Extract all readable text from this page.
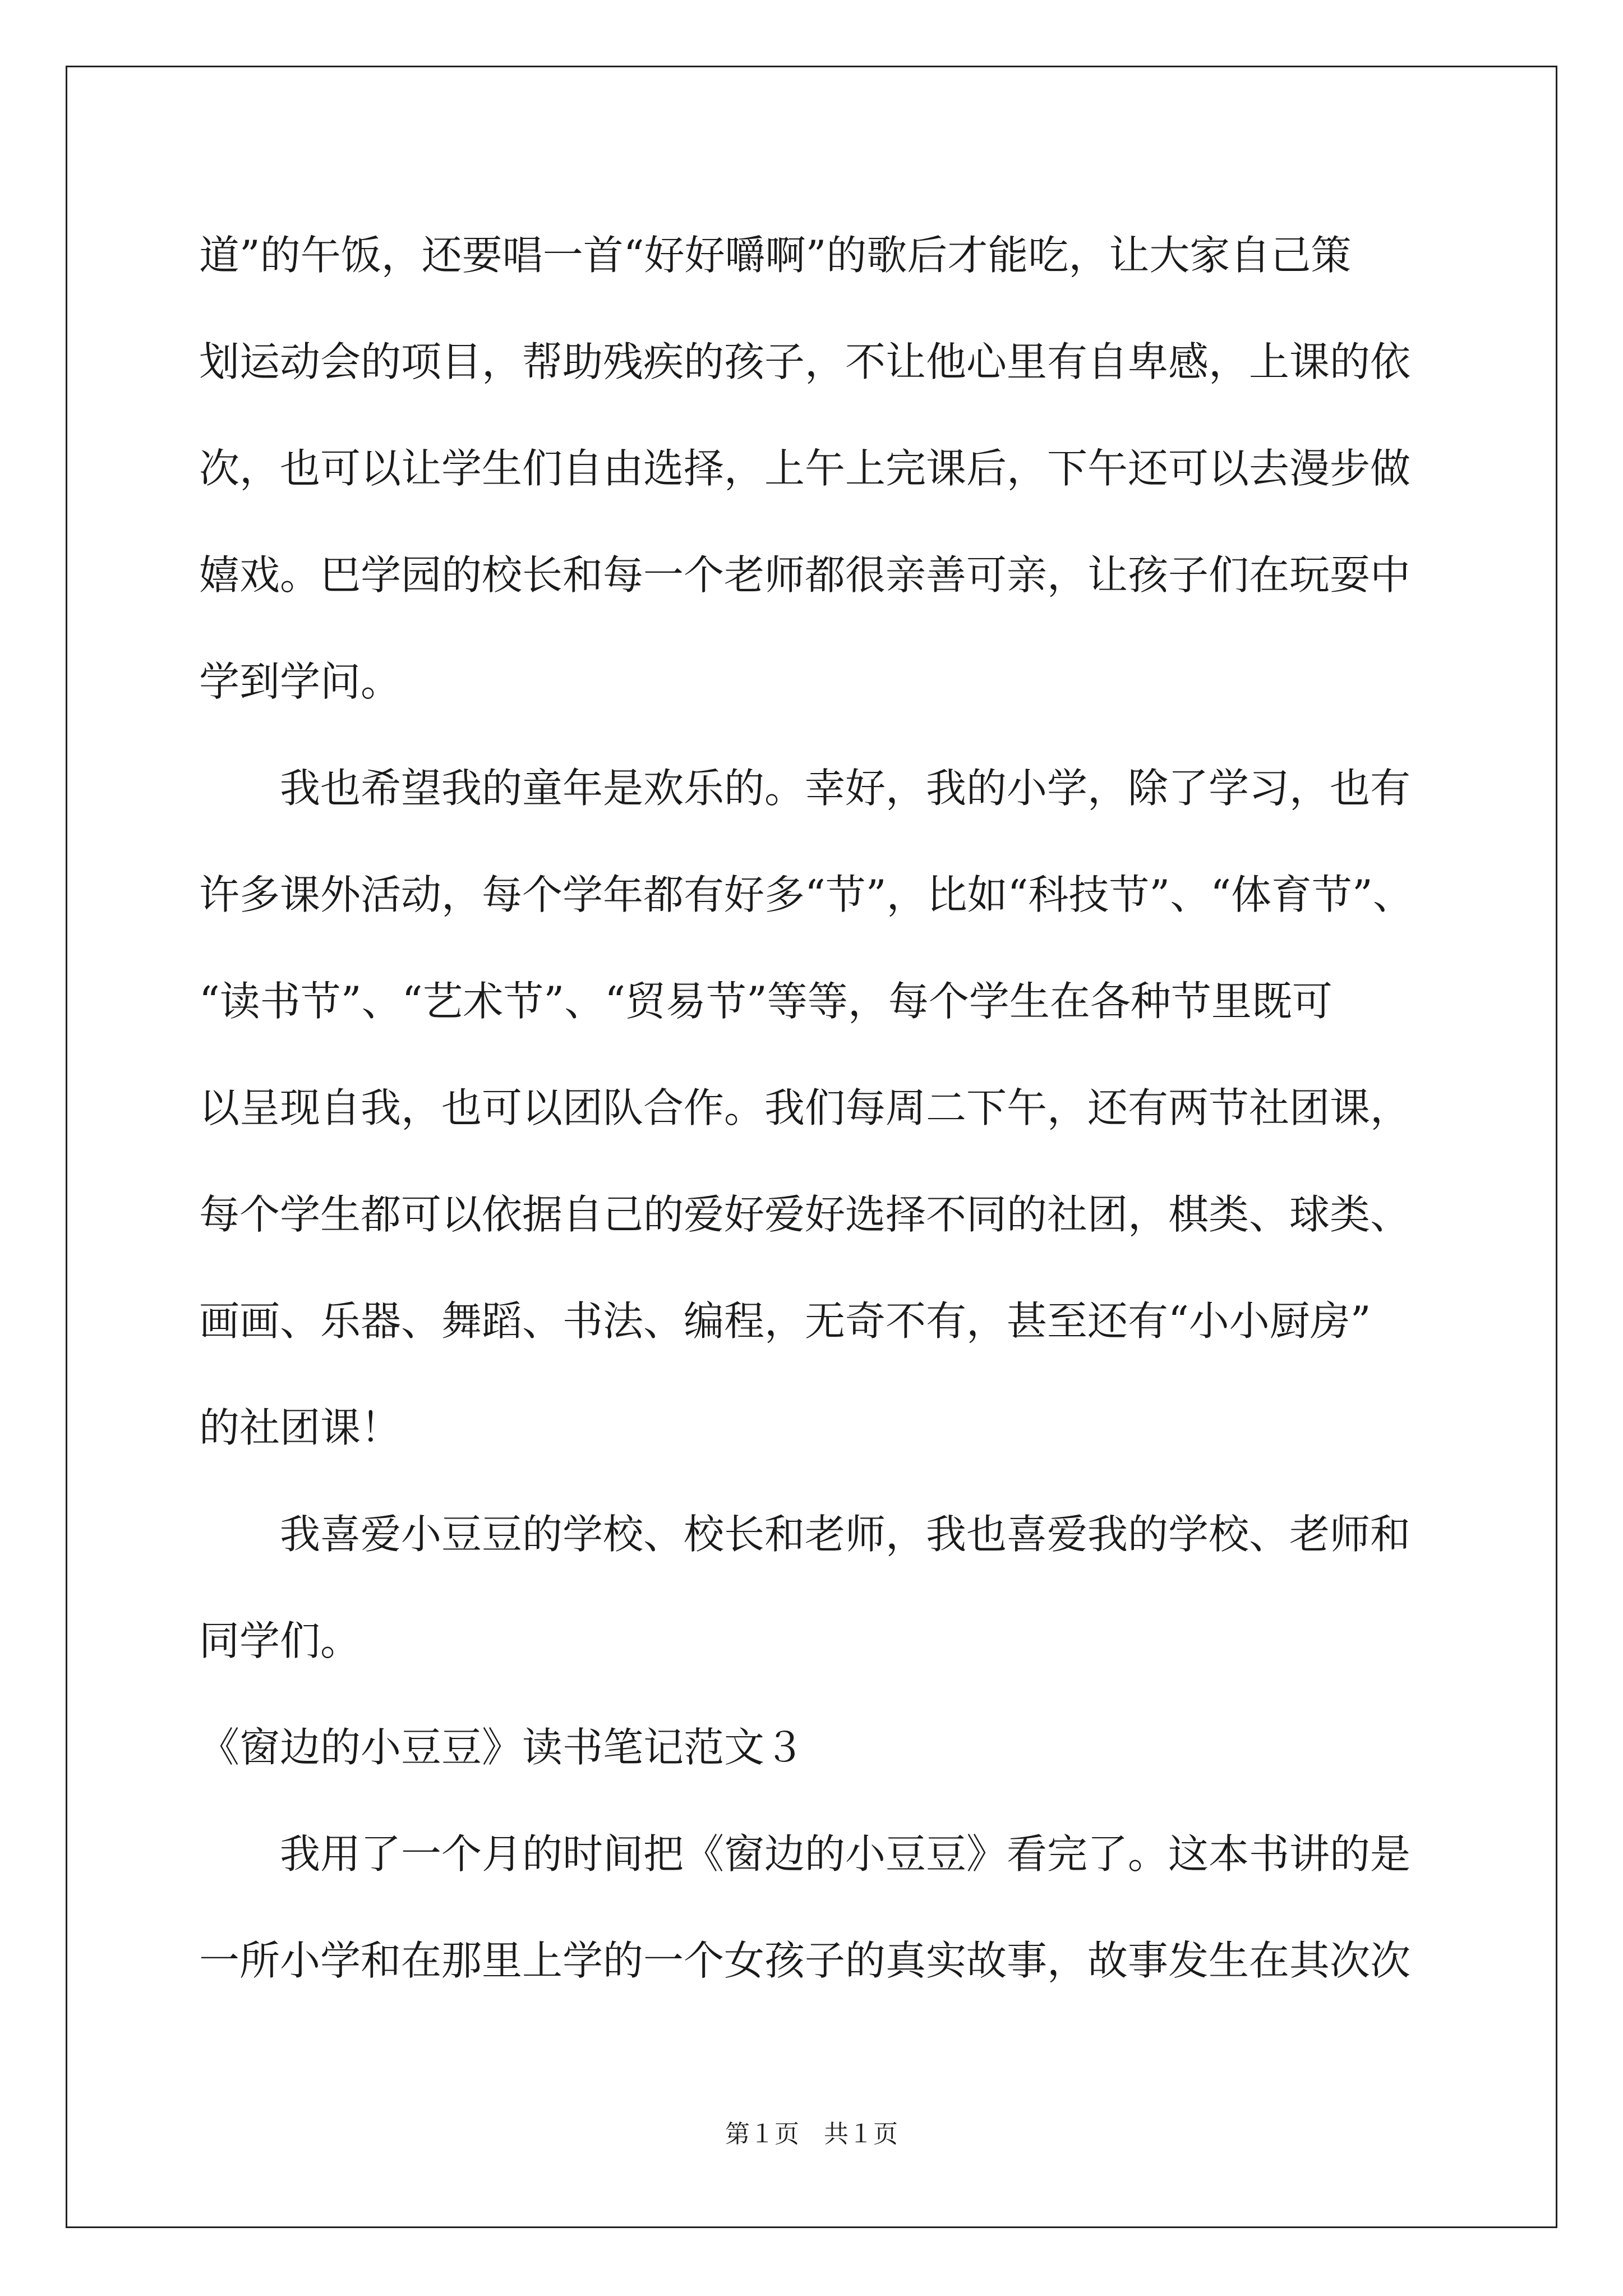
道”的午饭，还要唱一首“好好嚼啊”的歌后才能吃，让大家自己策
划运动会的项目，帮助残疾的孩子，不让他心里有自卑感，上课的依
次，也可以让学生们自由选择，上午上完课后，下午还可以去漫步做
嬉戏。巴学园的校长和每一个老师都很亲善可亲，让孩子们在玩耍中
学到学问。
我也希望我的童年是欢乐的。幸好，我的小学，除了学习，也有
许多课外活动，每个学年都有好多“节”，比如“科技节”、“体育节”、
“读书节”、“艺术节”、“贸易节”等等，每个学生在各种节里既可
以呈现自我，也可以团队合作。我们每周二下午，还有两节社团课，
每个学生都可以依据自己的爱好爱好选择不同的社团，棋类、球类、
画画、乐器、舞蹈、书法、编程，无奇不有，甚至还有“小小厨房”
的社团课！
我喜爱小豆豆的学校、校长和老师，我也喜爱我的学校、老师和
同学们。
《窗边的小豆豆》读书笔记范文３
我用了一个月的时间把《窗边的小豆豆》看完了。这本书讲的是
一所小学和在那里上学的一个女孩子的真实故事，故事发生在其次次
第１页　共１页
